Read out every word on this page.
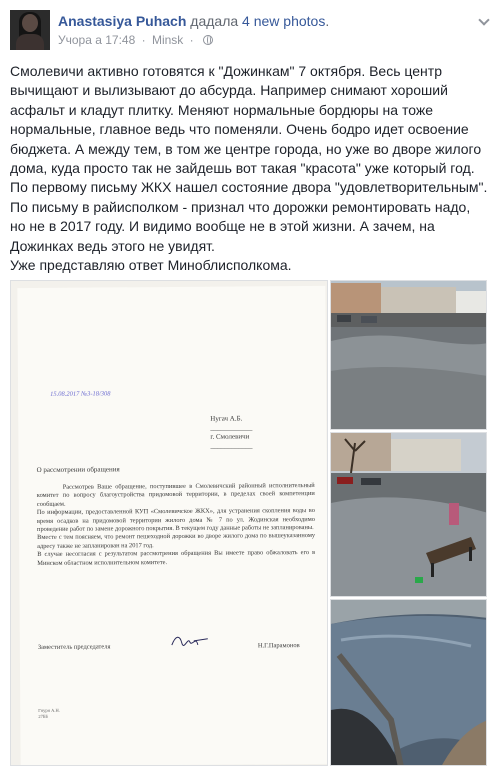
Anastasiya Puhach дадала 4 new photos.
Учора а 17:48 · Minsk ·
Смолевичи активно готовятся к "Дожинкам" 7 октября. Весь центр вычищают и вылизывают до абсурда. Например снимают хороший асфальт и кладут плитку. Меняют нормальные бордюры на тоже нормальные, главное ведь что поменяли. Очень бодро идет освоение бюджета. А между тем, в том же центре города, но уже во дворе жилого дома, куда просто так не зайдешь вот такая "красота" уже который год. По первому письму ЖКХ нашел состояние двора "удовлетворительным". По письму в райисполком - признал что дорожки ремонтировать надо, но не в 2017 году. И видимо вообще не в этой жизни. А зачем, на Дожинках ведь этого не увидят.
Уже представляю ответ Миноблисполкома.
15.08.2017 №3-18/308
Нугач А.Б.
____________
г. Смолевичи
____________
О рассмотрении обращения
Рассмотрев Ваше обращение, поступившее в Смолевичский районный исполнительный комитет по вопросу благоустройства придомовой территории, в пределах своей компетенции сообщаем.
По информации, предоставленной КУП «Смолевичское ЖКХ», для устранения скопления воды во время осадков на придомовой территории жилого дома № 7 по ул. Жодинская необходимо проведение работ по замене дорожного покрытия. В текущем году данные работы не запланированы.
Вместе с тем поясняем, что ремонт пешеходной дорожки во дворе жилого дома по вышеуказанному адресу также не запланирован на 2017 год.
В случае несогласия с результатом рассмотрения обращения Вы имеете право обжаловать его в Минском областном исполнительном комитете.
Заместитель председателя	Н.Г.Парамонов
Гнурн А.Н.
27ББ
